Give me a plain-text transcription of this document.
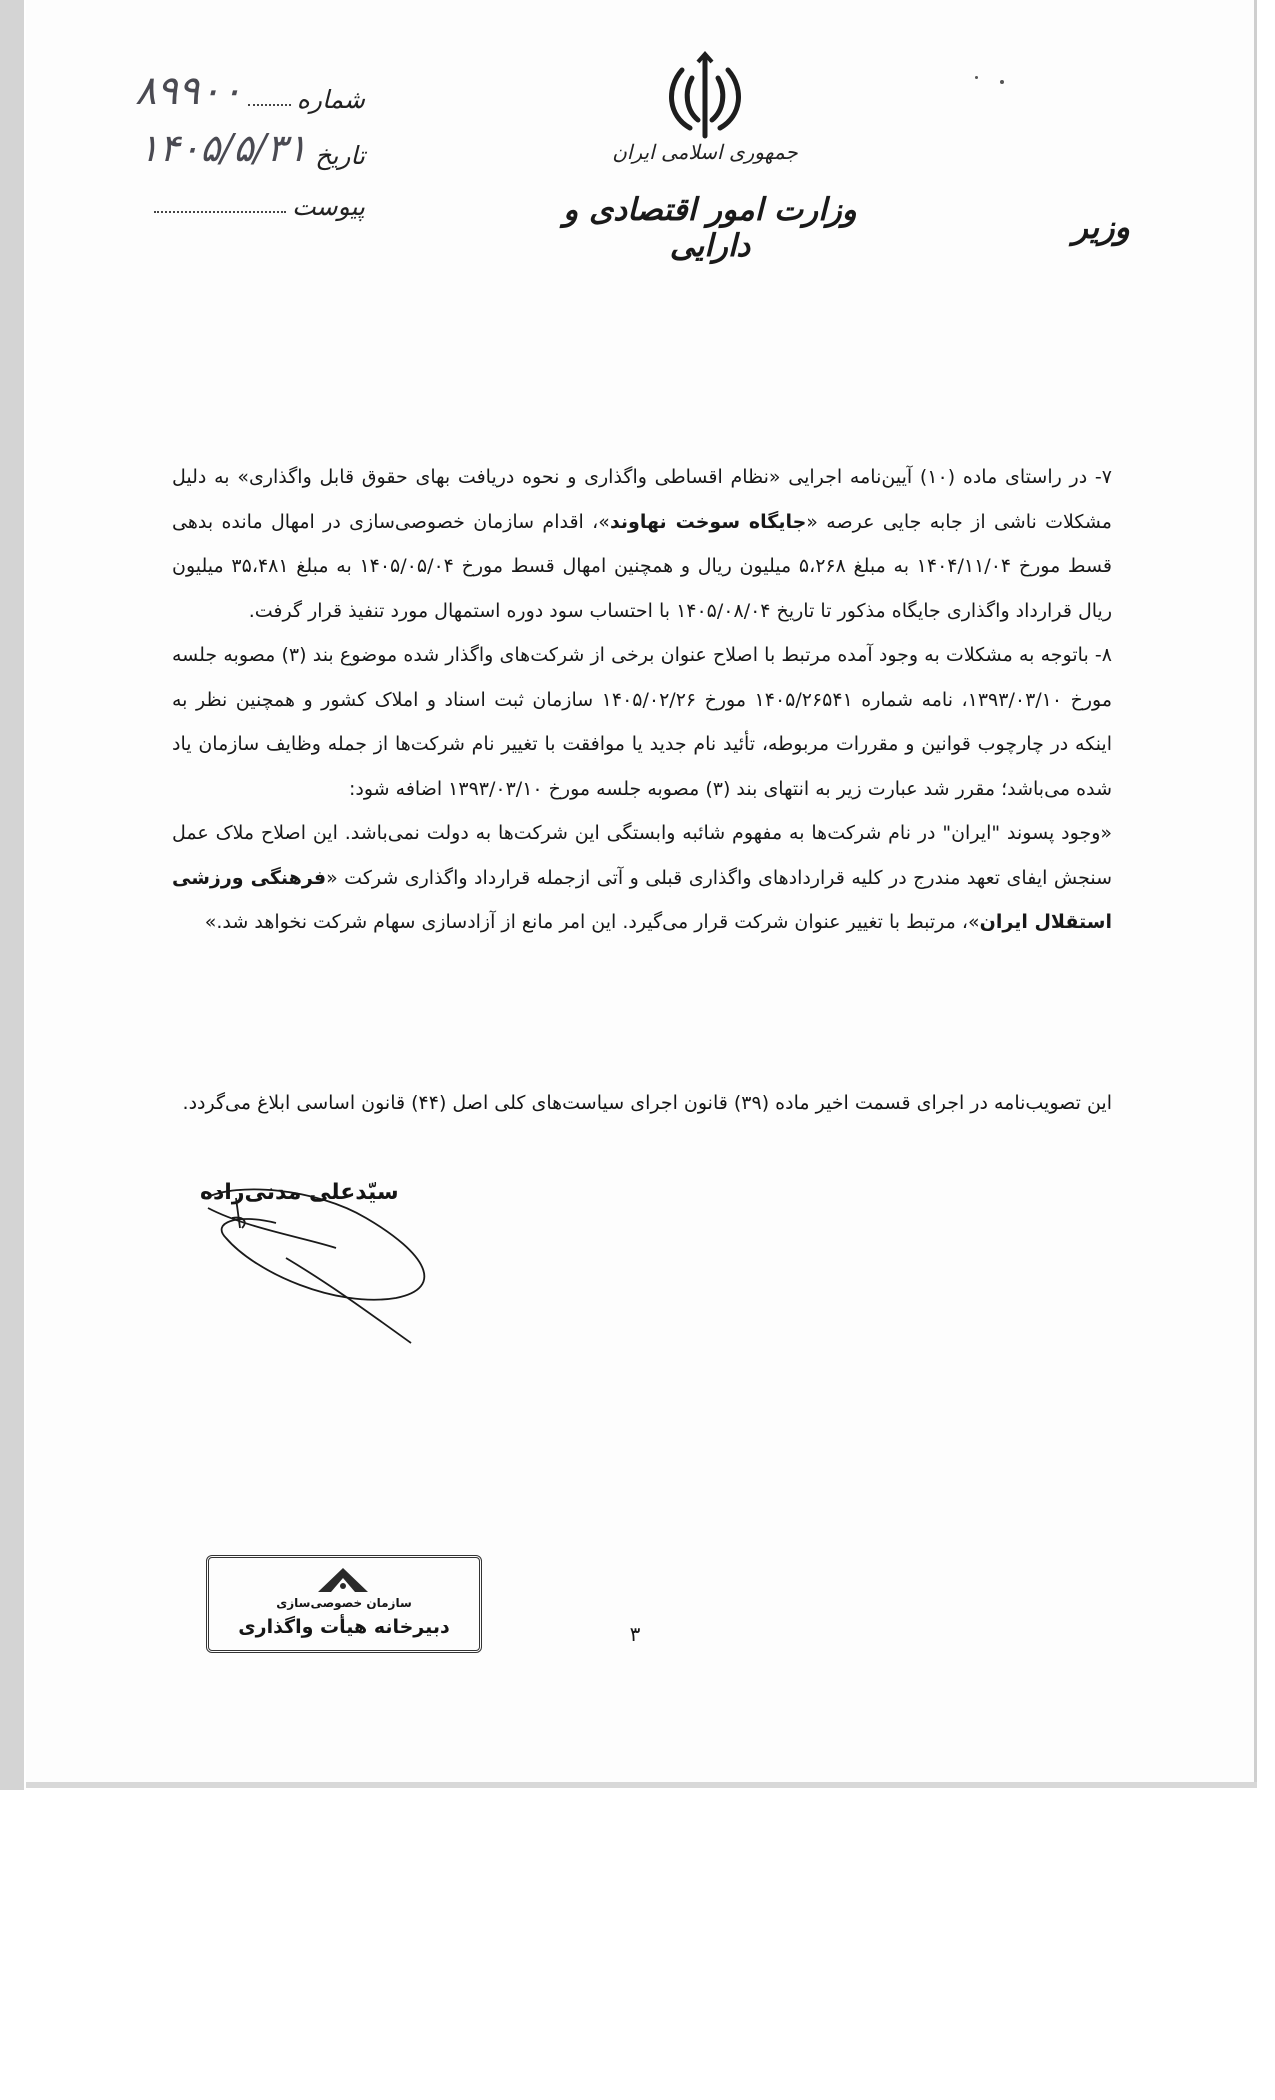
جمهوری اسلامی ایران
وزارت امور اقتصادی و دارایی	وزیر
شماره
۸۹۹۰۰
تاریخ
۱۴۰۵/۵/۳۱
پیوست

۷- در راستای ماده (۱۰) آیین‌نامه اجرایی «نظام اقساطی واگذاری و نحوه دریافت بهای حقوق قابل واگذاری» به دلیل مشکلات ناشی از جابه جایی عرصه «جایگاه سوخت نهاوند»، اقدام سازمان خصوصی‌سازی در امهال مانده بدهی قسط مورخ ۱۴۰۴/۱۱/۰۴ به مبلغ ۵،۲۶۸ میلیون ریال و همچنین امهال قسط مورخ ۱۴۰۵/۰۵/۰۴ به مبلغ ۳۵،۴۸۱ میلیون ریال قرارداد واگذاری جایگاه مذکور تا تاریخ ۱۴۰۵/۰۸/۰۴ با احتساب سود دوره استمهال مورد تنفیذ قرار گرفت.

۸- باتوجه به مشکلات به وجود آمده مرتبط با اصلاح عنوان برخی از شرکت‌های واگذار شده موضوع بند (۳) مصوبه جلسه مورخ ۱۳۹۳/۰۳/۱۰، نامه شماره ۱۴۰۵/۲۶۵۴۱ مورخ ۱۴۰۵/۰۲/۲۶ سازمان ثبت اسناد و املاک کشور و همچنین نظر به اینکه در چارچوب قوانین و مقررات مربوطه، تأئید نام جدید یا موافقت با تغییر نام شرکت‌ها از جمله وظایف سازمان یاد شده می‌باشد؛ مقرر شد عبارت زیر به انتهای بند (۳) مصوبه جلسه مورخ ۱۳۹۳/۰۳/۱۰ اضافه شود:

«وجود پسوند "ایران" در نام شرکت‌ها به مفهوم شائبه وابستگی این شرکت‌ها به دولت نمی‌باشد. این اصلاح ملاک عمل سنجش ایفای تعهد مندرج در کلیه قراردادهای واگذاری قبلی و آتی ازجمله قرارداد واگذاری شرکت «فرهنگی ورزشی استقلال ایران»، مرتبط با تغییر عنوان شرکت قرار می‌گیرد. این امر مانع از آزادسازی سهام شرکت نخواهد شد.»

این تصویب‌نامه در اجرای قسمت اخیر ماده (۳۹) قانون اجرای سیاست‌های کلی اصل (۴۴) قانون اساسی ابلاغ می‌گردد.
سیّدعلی مدنی‌زاده
سازمان خصوصی‌سازی
دبیرخانه هیأت واگذاری	۳
